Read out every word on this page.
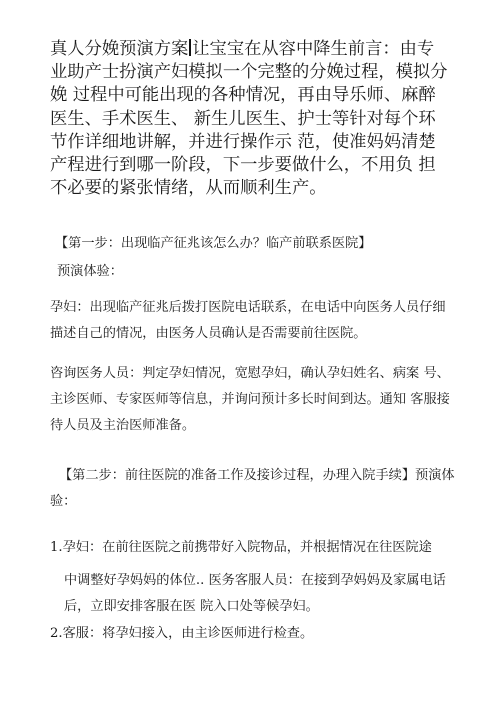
真人分娩预演方案 让宝宝在从容中降生前言：由专
业助产士扮演产妇模拟一个完整的分娩过程，模拟分
娩 过程中可能出现的各种情况，再由导乐师、麻醉
医生、手术医生、 新生儿医生、护士等针对每个环
节作详细地讲解，并进行操作示 范，使准妈妈清楚
产程进行到哪一阶段，下一步要做什么，不用负 担
不必要的紧张情绪，从而顺利生产。

【第一步：出现临产征兆该怎么办？临产前联系医院】

预演体验：

孕妇：出现临产征兆后拨打医院电话联系，在电话中向医务人员仔细

描述自己的情况，由医务人员确认是否需要前往医院。

咨询医务人员：判定孕妇情况，宽慰孕妇，确认孕妇姓名、病案 号、

主诊医师、专家医师等信息，并询问预计多长时间到达。通知 客服接

待人员及主治医师准备。

【第二步：前往医院的准备工作及接诊过程，办理入院手续】预演体

验：

1.孕妇：在前往医院之前携带好入院物品，并根据情况在往医院途

中调整好孕妈妈的体位.. 医务客服人员：在接到孕妈妈及家属电话

后，立即安排客服在医 院入口处等候孕妇。

2.客服：将孕妇接入，由主诊医师进行检查。
